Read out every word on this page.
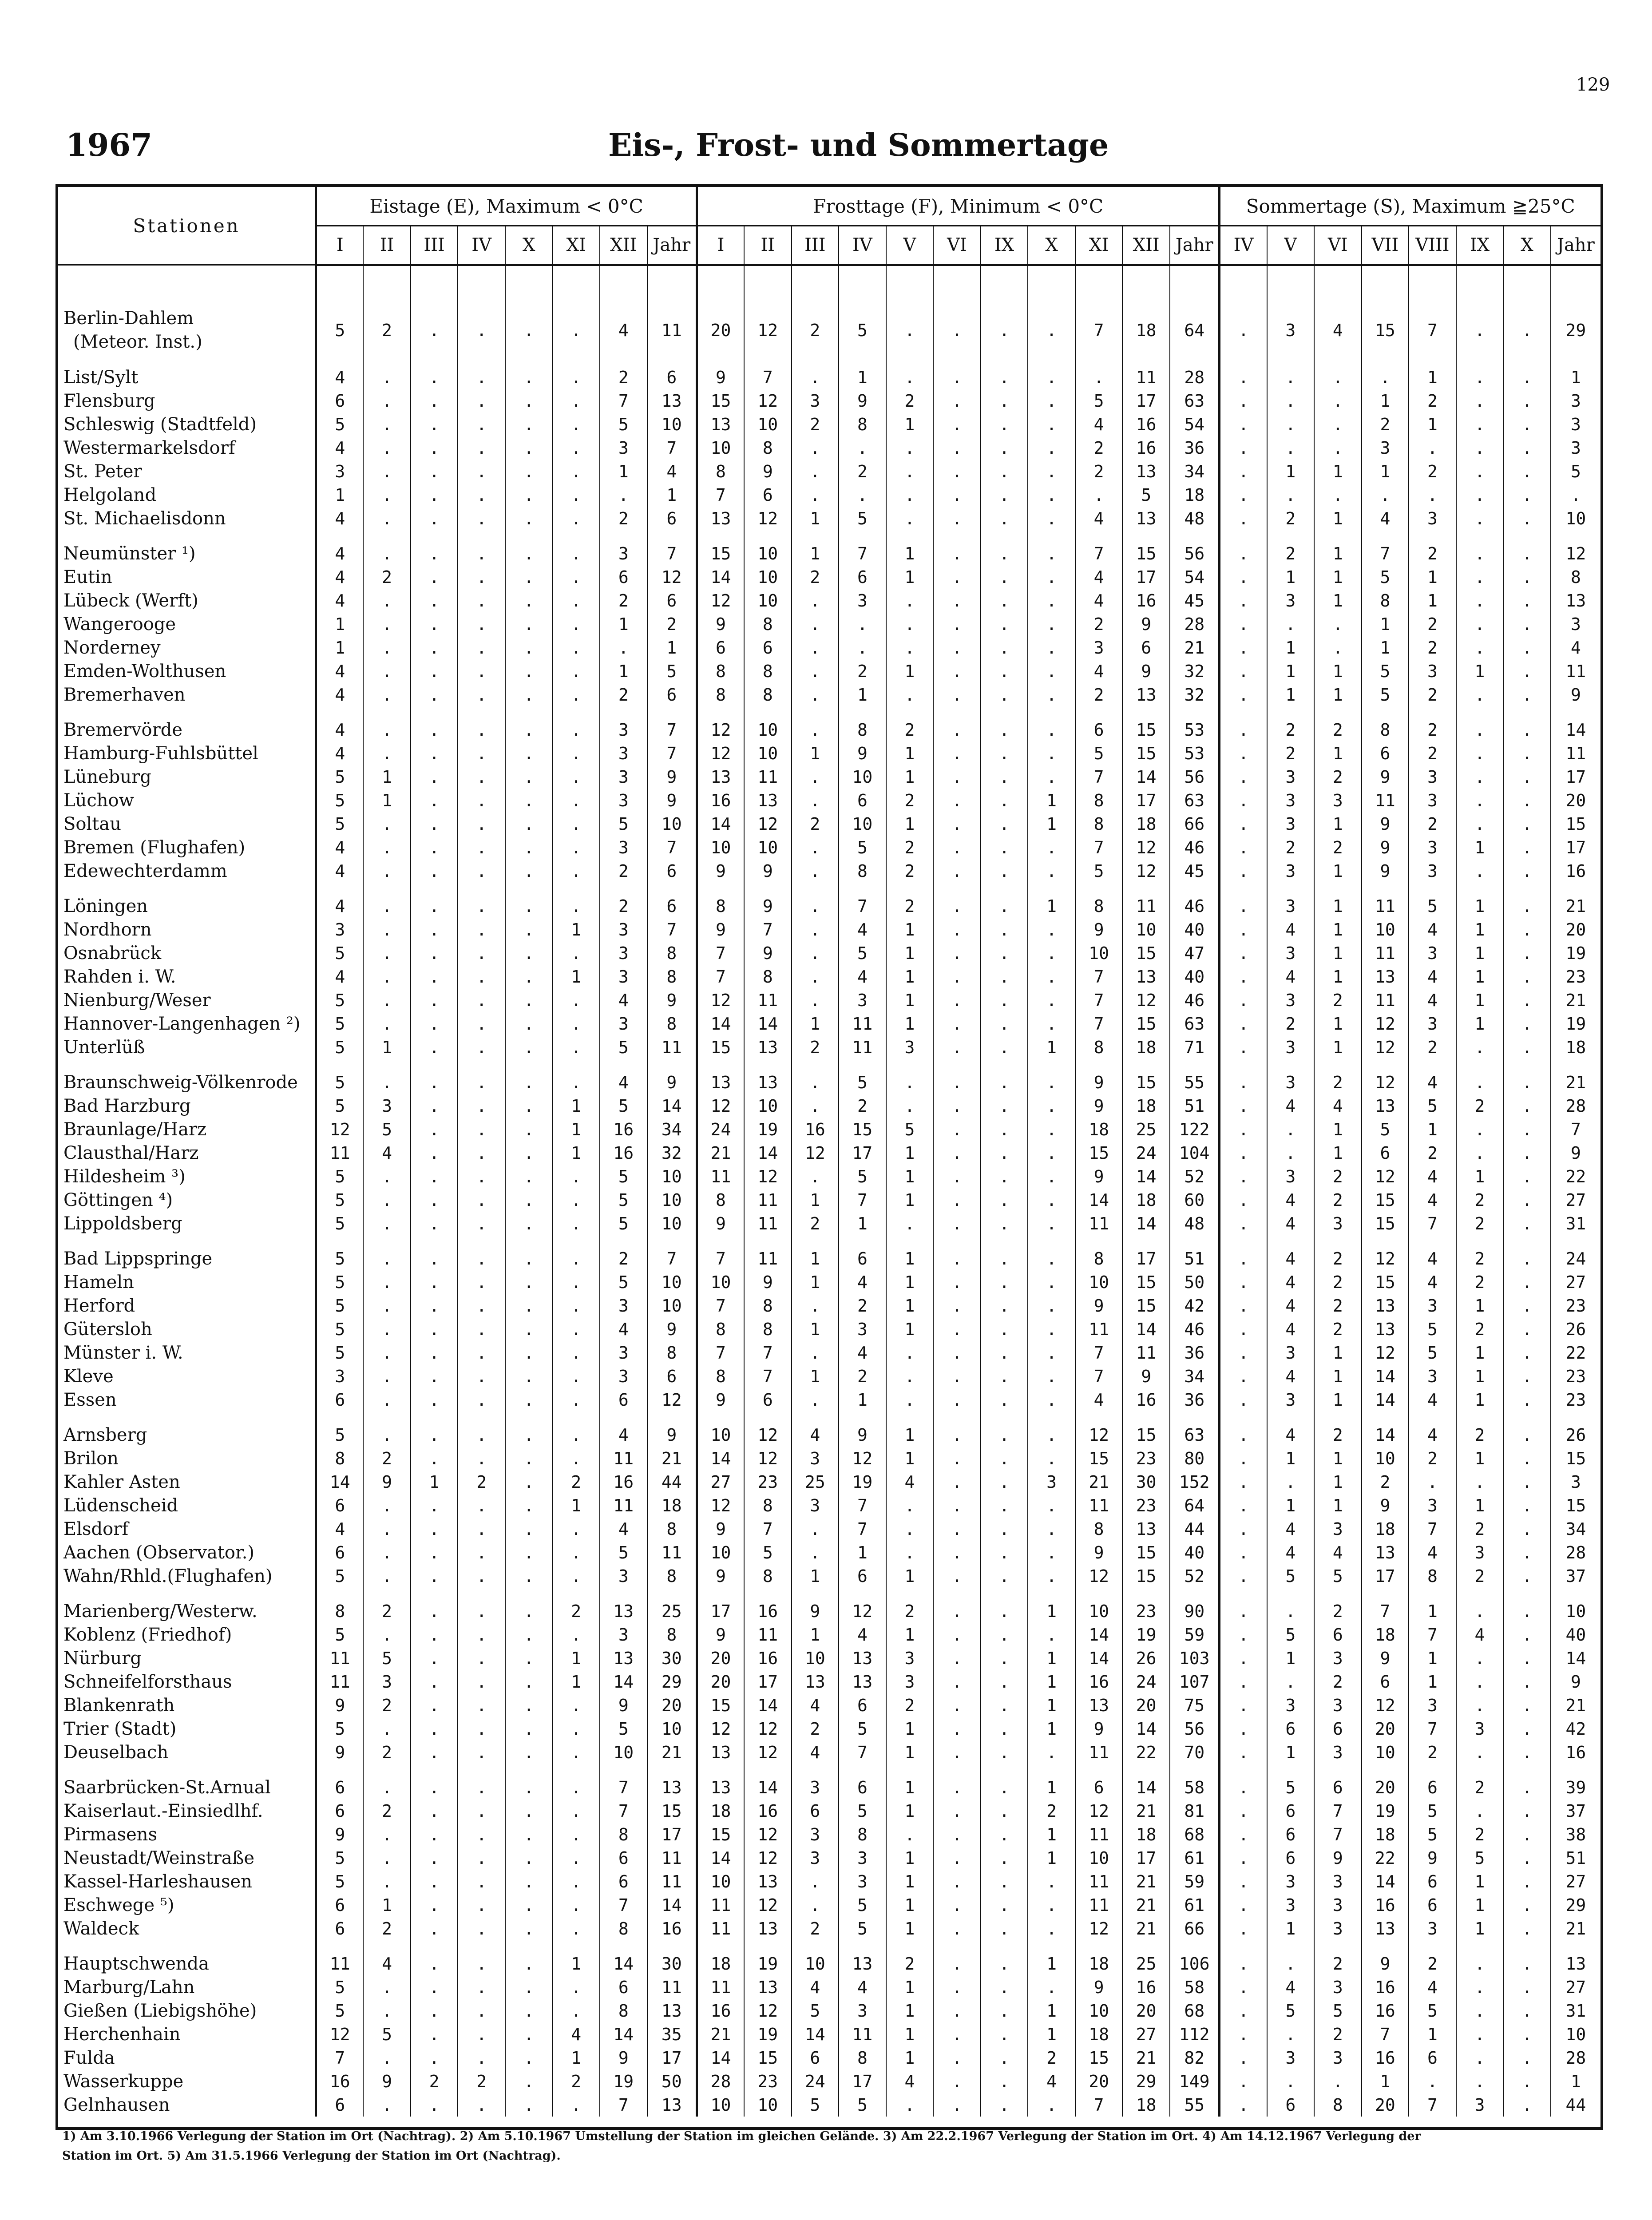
129
1967	Eis-, Frost- und Sommertage
Stationen	Eistage (E), Maximum < 0°C								Frosttage (F), Minimum < 0°C											Sommertage (S), Maximum ≧25°C							
	I	II	III	IV	X	XI	XII	Jahr	I	II	III	IV	V	VI	IX	X	XI	XII	Jahr	IV	V	VI	VII	VIII	IX	X	Jahr

Berlin-Dahlem
(Meteor. Inst.)	5	2	.	.	.	.	4	11	20	12	2	5	.	.	.	.	7	18	64	.	3	4	15	7	.	.	29

List/Sylt	4	.	.	.	.	.	2	6	9	7	.	1	.	.	.	.	.	11	28	.	.	.	.	1	.	.	1
Flensburg	6	.	.	.	.	.	7	13	15	12	3	9	2	.	.	.	5	17	63	.	.	.	1	2	.	.	3
Schleswig (Stadtfeld)	5	.	.	.	.	.	5	10	13	10	2	8	1	.	.	.	4	16	54	.	.	.	2	1	.	.	3
Westermarkelsdorf	4	.	.	.	.	.	3	7	10	8	.	.	.	.	.	.	2	16	36	.	.	.	3	.	.	.	3
St. Peter	3	.	.	.	.	.	1	4	8	9	.	2	.	.	.	.	2	13	34	.	1	1	1	2	.	.	5
Helgoland	1	.	.	.	.	.	.	1	7	6	.	.	.	.	.	.	.	5	18	.	.	.	.	.	.	.	.
St. Michaelisdonn	4	.	.	.	.	.	2	6	13	12	1	5	.	.	.	.	4	13	48	.	2	1	4	3	.	.	10

Neumünster ¹)	4	.	.	.	.	.	3	7	15	10	1	7	1	.	.	.	7	15	56	.	2	1	7	2	.	.	12
Eutin	4	2	.	.	.	.	6	12	14	10	2	6	1	.	.	.	4	17	54	.	1	1	5	1	.	.	8
Lübeck (Werft)	4	.	.	.	.	.	2	6	12	10	.	3	.	.	.	.	4	16	45	.	3	1	8	1	.	.	13
Wangerooge	1	.	.	.	.	.	1	2	9	8	.	.	.	.	.	.	2	9	28	.	.	.	1	2	.	.	3
Norderney	1	.	.	.	.	.	.	1	6	6	.	.	.	.	.	.	3	6	21	.	1	.	1	2	.	.	4
Emden-Wolthusen	4	.	.	.	.	.	1	5	8	8	.	2	1	.	.	.	4	9	32	.	1	1	5	3	1	.	11
Bremerhaven	4	.	.	.	.	.	2	6	8	8	.	1	.	.	.	.	2	13	32	.	1	1	5	2	.	.	9

Bremervörde	4	.	.	.	.	.	3	7	12	10	.	8	2	.	.	.	6	15	53	.	2	2	8	2	.	.	14
Hamburg-Fuhlsbüttel	4	.	.	.	.	.	3	7	12	10	1	9	1	.	.	.	5	15	53	.	2	1	6	2	.	.	11
Lüneburg	5	1	.	.	.	.	3	9	13	11	.	10	1	.	.	.	7	14	56	.	3	2	9	3	.	.	17
Lüchow	5	1	.	.	.	.	3	9	16	13	.	6	2	.	.	1	8	17	63	.	3	3	11	3	.	.	20
Soltau	5	.	.	.	.	.	5	10	14	12	2	10	1	.	.	1	8	18	66	.	3	1	9	2	.	.	15
Bremen (Flughafen)	4	.	.	.	.	.	3	7	10	10	.	5	2	.	.	.	7	12	46	.	2	2	9	3	1	.	17
Edewechterdamm	4	.	.	.	.	.	2	6	9	9	.	8	2	.	.	.	5	12	45	.	3	1	9	3	.	.	16

Löningen	4	.	.	.	.	.	2	6	8	9	.	7	2	.	.	1	8	11	46	.	3	1	11	5	1	.	21
Nordhorn	3	.	.	.	.	1	3	7	9	7	.	4	1	.	.	.	9	10	40	.	4	1	10	4	1	.	20
Osnabrück	5	.	.	.	.	.	3	8	7	9	.	5	1	.	.	.	10	15	47	.	3	1	11	3	1	.	19
Rahden i. W.	4	.	.	.	.	1	3	8	7	8	.	4	1	.	.	.	7	13	40	.	4	1	13	4	1	.	23
Nienburg/Weser	5	.	.	.	.	.	4	9	12	11	.	3	1	.	.	.	7	12	46	.	3	2	11	4	1	.	21
Hannover-Langenhagen ²)	5	.	.	.	.	.	3	8	14	14	1	11	1	.	.	.	7	15	63	.	2	1	12	3	1	.	19
Unterlüß	5	1	.	.	.	.	5	11	15	13	2	11	3	.	.	1	8	18	71	.	3	1	12	2	.	.	18

Braunschweig-Völkenrode	5	.	.	.	.	.	4	9	13	13	.	5	.	.	.	.	9	15	55	.	3	2	12	4	.	.	21
Bad Harzburg	5	3	.	.	.	1	5	14	12	10	.	2	.	.	.	.	9	18	51	.	4	4	13	5	2	.	28
Braunlage/Harz	12	5	.	.	.	1	16	34	24	19	16	15	5	.	.	.	18	25	122	.	.	1	5	1	.	.	7
Clausthal/Harz	11	4	.	.	.	1	16	32	21	14	12	17	1	.	.	.	15	24	104	.	.	1	6	2	.	.	9
Hildesheim ³)	5	.	.	.	.	.	5	10	11	12	.	5	1	.	.	.	9	14	52	.	3	2	12	4	1	.	22
Göttingen ⁴)	5	.	.	.	.	.	5	10	8	11	1	7	1	.	.	.	14	18	60	.	4	2	15	4	2	.	27
Lippoldsberg	5	.	.	.	.	.	5	10	9	11	2	1	.	.	.	.	11	14	48	.	4	3	15	7	2	.	31

Bad Lippspringe	5	.	.	.	.	.	2	7	7	11	1	6	1	.	.	.	8	17	51	.	4	2	12	4	2	.	24
Hameln	5	.	.	.	.	.	5	10	10	9	1	4	1	.	.	.	10	15	50	.	4	2	15	4	2	.	27
Herford	5	.	.	.	.	.	3	10	7	8	.	2	1	.	.	.	9	15	42	.	4	2	13	3	1	.	23
Gütersloh	5	.	.	.	.	.	4	9	8	8	1	3	1	.	.	.	11	14	46	.	4	2	13	5	2	.	26
Münster i. W.	5	.	.	.	.	.	3	8	7	7	.	4	.	.	.	.	7	11	36	.	3	1	12	5	1	.	22
Kleve	3	.	.	.	.	.	3	6	8	7	1	2	.	.	.	.	7	9	34	.	4	1	14	3	1	.	23
Essen	6	.	.	.	.	.	6	12	9	6	.	1	.	.	.	.	4	16	36	.	3	1	14	4	1	.	23

Arnsberg	5	.	.	.	.	.	4	9	10	12	4	9	1	.	.	.	12	15	63	.	4	2	14	4	2	.	26
Brilon	8	2	.	.	.	.	11	21	14	12	3	12	1	.	.	.	15	23	80	.	1	1	10	2	1	.	15
Kahler Asten	14	9	1	2	.	2	16	44	27	23	25	19	4	.	.	3	21	30	152	.	.	1	2	.	.	.	3
Lüdenscheid	6	.	.	.	.	1	11	18	12	8	3	7	.	.	.	.	11	23	64	.	1	1	9	3	1	.	15
Elsdorf	4	.	.	.	.	.	4	8	9	7	.	7	.	.	.	.	8	13	44	.	4	3	18	7	2	.	34
Aachen (Observator.)	6	.	.	.	.	.	5	11	10	5	.	1	.	.	.	.	9	15	40	.	4	4	13	4	3	.	28
Wahn/Rhld.(Flughafen)	5	.	.	.	.	.	3	8	9	8	1	6	1	.	.	.	12	15	52	.	5	5	17	8	2	.	37

Marienberg/Westerw.	8	2	.	.	.	2	13	25	17	16	9	12	2	.	.	1	10	23	90	.	.	2	7	1	.	.	10
Koblenz (Friedhof)	5	.	.	.	.	.	3	8	9	11	1	4	1	.	.	.	14	19	59	.	5	6	18	7	4	.	40
Nürburg	11	5	.	.	.	1	13	30	20	16	10	13	3	.	.	1	14	26	103	.	1	3	9	1	.	.	14
Schneifelforsthaus	11	3	.	.	.	1	14	29	20	17	13	13	3	.	.	1	16	24	107	.	.	2	6	1	.	.	9
Blankenrath	9	2	.	.	.	.	9	20	15	14	4	6	2	.	.	1	13	20	75	.	3	3	12	3	.	.	21
Trier (Stadt)	5	.	.	.	.	.	5	10	12	12	2	5	1	.	.	1	9	14	56	.	6	6	20	7	3	.	42
Deuselbach	9	2	.	.	.	.	10	21	13	12	4	7	1	.	.	.	11	22	70	.	1	3	10	2	.	.	16

Saarbrücken-St.Arnual	6	.	.	.	.	.	7	13	13	14	3	6	1	.	.	1	6	14	58	.	5	6	20	6	2	.	39
Kaiserlaut.-Einsiedlhf.	6	2	.	.	.	.	7	15	18	16	6	5	1	.	.	2	12	21	81	.	6	7	19	5	.	.	37
Pirmasens	9	.	.	.	.	.	8	17	15	12	3	8	.	.	.	1	11	18	68	.	6	7	18	5	2	.	38
Neustadt/Weinstraße	5	.	.	.	.	.	6	11	14	12	3	3	1	.	.	1	10	17	61	.	6	9	22	9	5	.	51
Kassel-Harleshausen	5	.	.	.	.	.	6	11	10	13	.	3	1	.	.	.	11	21	59	.	3	3	14	6	1	.	27
Eschwege ⁵)	6	1	.	.	.	.	7	14	11	12	.	5	1	.	.	.	11	21	61	.	3	3	16	6	1	.	29
Waldeck	6	2	.	.	.	.	8	16	11	13	2	5	1	.	.	.	12	21	66	.	1	3	13	3	1	.	21

Hauptschwenda	11	4	.	.	.	1	14	30	18	19	10	13	2	.	.	1	18	25	106	.	.	2	9	2	.	.	13
Marburg/Lahn	5	.	.	.	.	.	6	11	11	13	4	4	1	.	.	.	9	16	58	.	4	3	16	4	.	.	27
Gießen (Liebigshöhe)	5	.	.	.	.	.	8	13	16	12	5	3	1	.	.	1	10	20	68	.	5	5	16	5	.	.	31
Herchenhain	12	5	.	.	.	4	14	35	21	19	14	11	1	.	.	1	18	27	112	.	.	2	7	1	.	.	10
Fulda	7	.	.	.	.	1	9	17	14	15	6	8	1	.	.	2	15	21	82	.	3	3	16	6	.	.	28
Wasserkuppe	16	9	2	2	.	2	19	50	28	23	24	17	4	.	.	4	20	29	149	.	.	.	1	.	.	.	1
Gelnhausen	6	.	.	.	.	.	7	13	10	10	5	5	.	.	.	.	7	18	55	.	6	8	20	7	3	.	44
1) Am 3.10.1966 Verlegung der Station im Ort (Nachtrag). 2) Am 5.10.1967 Umstellung der Station im gleichen Gelände. 3) Am 22.2.1967 Verlegung der Station im Ort. 4) Am 14.12.1967 Verlegung der
Station im Ort. 5) Am 31.5.1966 Verlegung der Station im Ort (Nachtrag).
